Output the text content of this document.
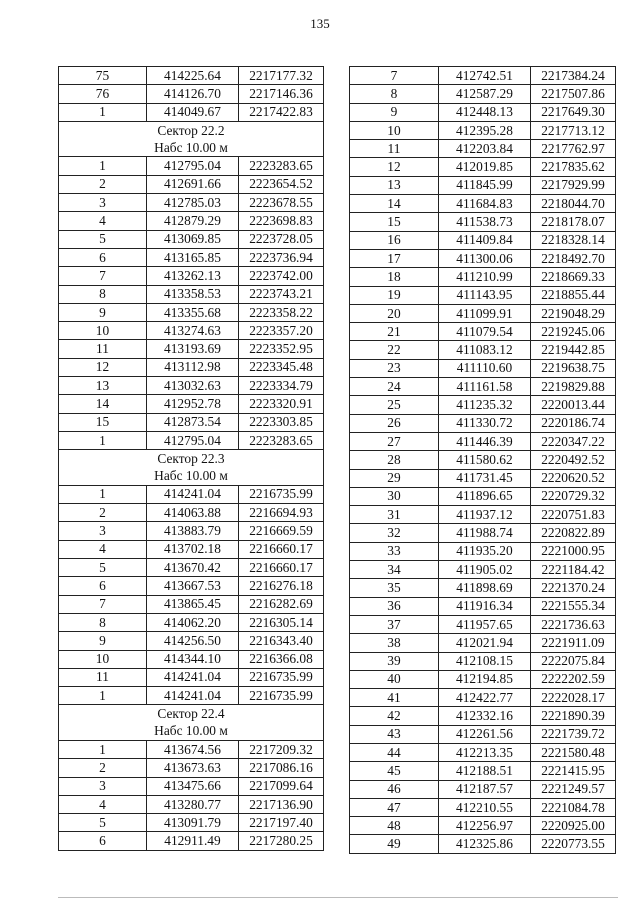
135
75	414225.64	2217177.32
76	414126.70	2217146.36
1	414049.67	2217422.83
Сектор 22.2		
Набс 10.00 м		
1	412795.04	2223283.65
2	412691.66	2223654.52
3	412785.03	2223678.55
4	412879.29	2223698.83
5	413069.85	2223728.05
6	413165.85	2223736.94
7	413262.13	2223742.00
8	413358.53	2223743.21
9	413355.68	2223358.22
10	413274.63	2223357.20
11	413193.69	2223352.95
12	413112.98	2223345.48
13	413032.63	2223334.79
14	412952.78	2223320.91
15	412873.54	2223303.85
1	412795.04	2223283.65
Сектор 22.3		
Набс 10.00 м		
1	414241.04	2216735.99
2	414063.88	2216694.93
3	413883.79	2216669.59
4	413702.18	2216660.17
5	413670.42	2216660.17
6	413667.53	2216276.18
7	413865.45	2216282.69
8	414062.20	2216305.14
9	414256.50	2216343.40
10	414344.10	2216366.08
11	414241.04	2216735.99
1	414241.04	2216735.99
Сектор 22.4		
Набс 10.00 м		
1	413674.56	2217209.32
2	413673.63	2217086.16
3	413475.66	2217099.64
4	413280.77	2217136.90
5	413091.79	2217197.40
6	412911.49	2217280.25
7	412742.51	2217384.24
8	412587.29	2217507.86
9	412448.13	2217649.30
10	412395.28	2217713.12
11	412203.84	2217762.97
12	412019.85	2217835.62
13	411845.99	2217929.99
14	411684.83	2218044.70
15	411538.73	2218178.07
16	411409.84	2218328.14
17	411300.06	2218492.70
18	411210.99	2218669.33
19	411143.95	2218855.44
20	411099.91	2219048.29
21	411079.54	2219245.06
22	411083.12	2219442.85
23	411110.60	2219638.75
24	411161.58	2219829.88
25	411235.32	2220013.44
26	411330.72	2220186.74
27	411446.39	2220347.22
28	411580.62	2220492.52
29	411731.45	2220620.52
30	411896.65	2220729.32
31	411937.12	2220751.83
32	411988.74	2220822.89
33	411935.20	2221000.95
34	411905.02	2221184.42
35	411898.69	2221370.24
36	411916.34	2221555.34
37	411957.65	2221736.63
38	412021.94	2221911.09
39	412108.15	2222075.84
40	412194.85	2222202.59
41	412422.77	2222028.17
42	412332.16	2221890.39
43	412261.56	2221739.72
44	412213.35	2221580.48
45	412188.51	2221415.95
46	412187.57	2221249.57
47	412210.55	2221084.78
48	412256.97	2220925.00
49	412325.86	2220773.55
